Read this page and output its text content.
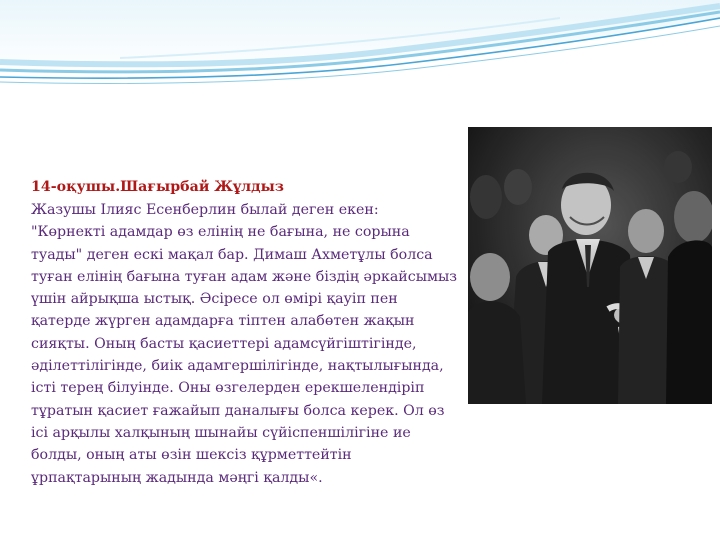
14-оқушы.Шағырбай Жұлдыз
Жазушы Ілияс Есенберлин былай деген екен:
"Көрнекті адамдар өз елінің не бағына, не сорына
туады" деген ескі мақал бар. Димаш Ахметұлы болса
туған елінің бағына туған адам және біздің әркайсымыз
үшін айрықша ыстық. Әсіресе ол өмірі қауіп пен
қатерде жүрген адамдарға тіптен алабөтен жақын
сияқты. Оның басты қасиеттері адамсүйгіштігінде,
әділеттілігінде, биік адамгершілігінде, нақтылығында,
істі терең білуінде. Оны өзгелерден ерекшелендіріп
тұратын қасиет ғажайып даналығы болса керек. Ол өз
ісі арқылы халқының шынайы сүйіспеншілігіне ие
болды, оның аты өзін шексіз құрметтейтін
ұрпақтарының жадында мәңгі қалды«.
